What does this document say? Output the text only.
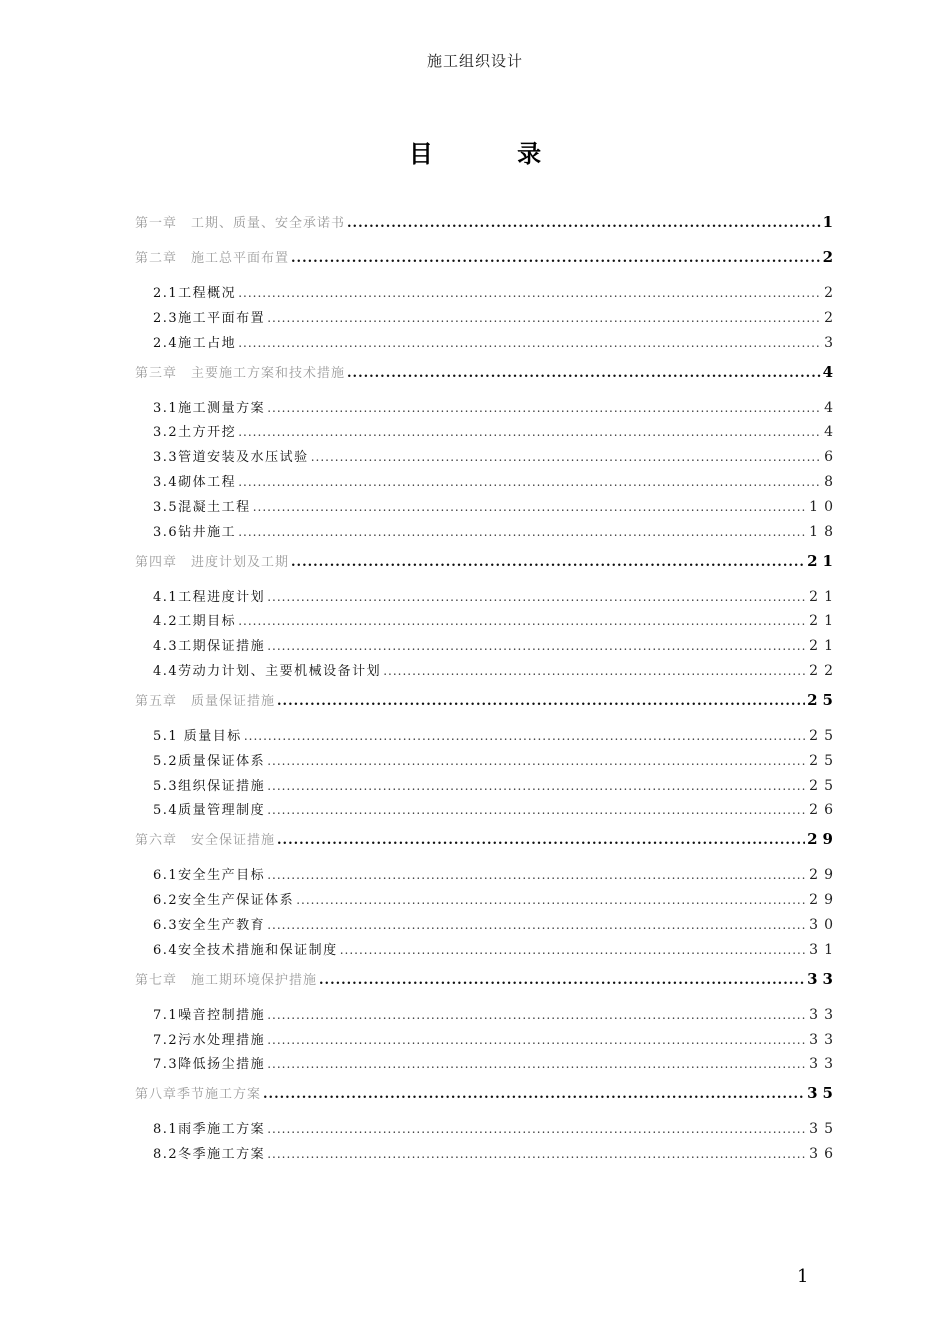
施工组织设计
目 录
第一章　工期、质量、安全承诺书 .....	1
第二章　施工总平面布置 .....	2
2.1工程概况 .....	2
2.3施工平面布置 .....	2
2.4施工占地 .....	3
第三章　主要施工方案和技术措施 .....	4
3.1施工测量方案 .....	4
3.2土方开挖 .....	4
3.3管道安装及水压试验 .....	6
3.4砌体工程 .....	8
3.5混凝土工程 .....	10
3.6钻井施工 .....	18
第四章　进度计划及工期 .....	21
4.1工程进度计划 .....	21
4.2工期目标 .....	21
4.3工期保证措施 .....	21
4.4劳动力计划、主要机械设备计划 .....	22
第五章　质量保证措施 .....	25
5.1 质量目标 .....	25
5.2质量保证体系 .....	25
5.3组织保证措施 .....	25
5.4质量管理制度 .....	26
第六章　安全保证措施 .....	29
6.1安全生产目标 .....	29
6.2安全生产保证体系 .....	29
6.3安全生产教育 .....	30
6.4安全技术措施和保证制度 .....	31
第七章　施工期环境保护措施 .....	33
7.1噪音控制措施 .....	33
7.2污水处理措施 .....	33
7.3降低扬尘措施 .....	33
第八章季节施工方案 .....	35
8.1雨季施工方案 .....	35
8.2冬季施工方案 .....	36
1
